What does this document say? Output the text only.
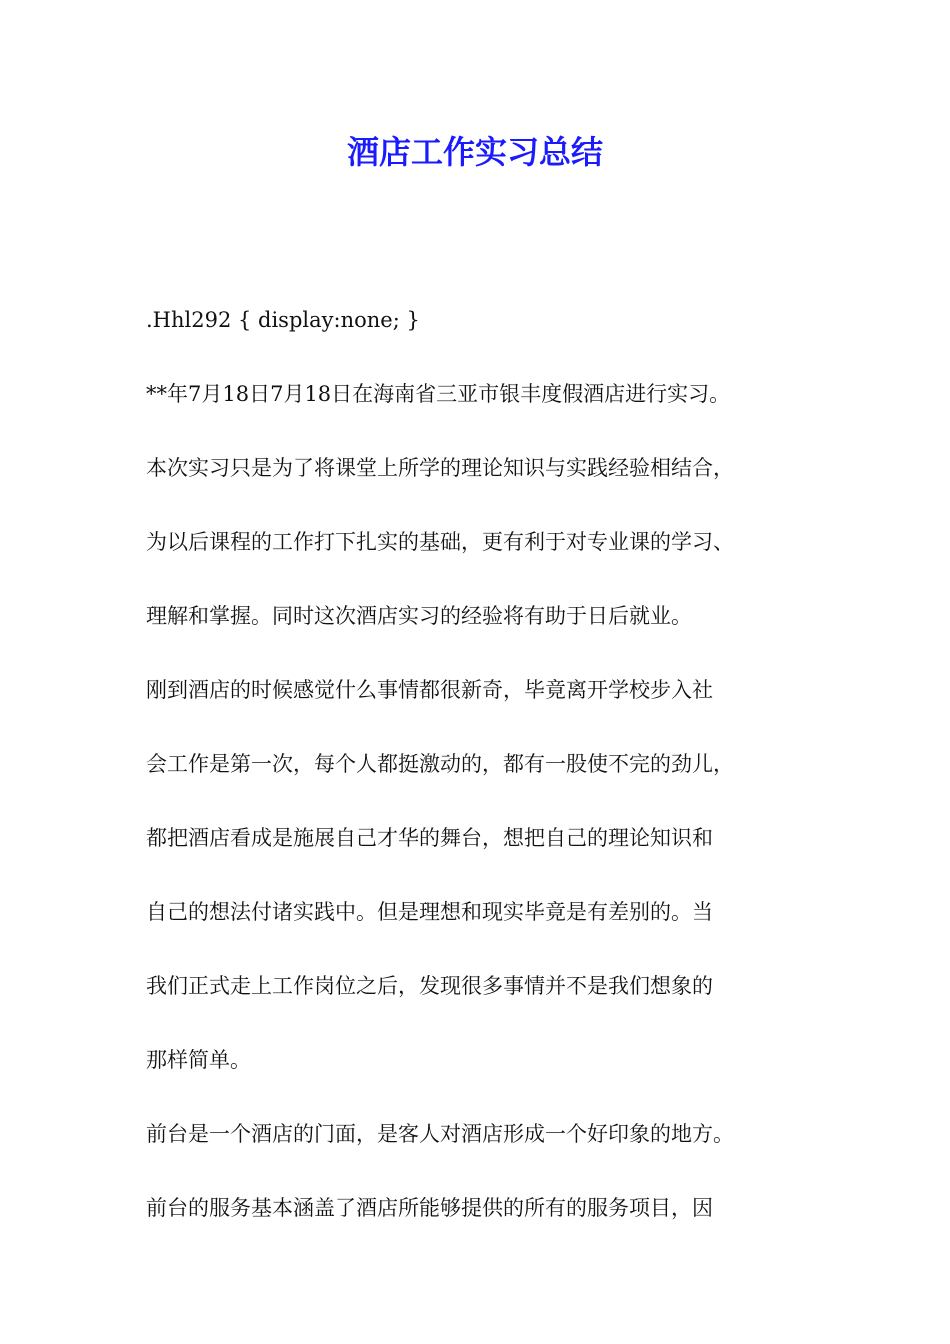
酒店工作实习总结

.Hhl292 { display:none; }

**年7月18日7月18日在海南省三亚市银丰度假酒店进行实习。

本次实习只是为了将课堂上所学的理论知识与实践经验相结合，

为以后课程的工作打下扎实的基础，更有利于对专业课的学习、

理解和掌握。同时这次酒店实习的经验将有助于日后就业。

刚到酒店的时候感觉什么事情都很新奇，毕竟离开学校步入社

会工作是第一次，每个人都挺激动的，都有一股使不完的劲儿，

都把酒店看成是施展自己才华的舞台，想把自己的理论知识和

自己的想法付诸实践中。但是理想和现实毕竟是有差别的。当

我们正式走上工作岗位之后，发现很多事情并不是我们想象的

那样简单。

前台是一个酒店的门面，是客人对酒店形成一个好印象的地方。

前台的服务基本涵盖了酒店所能够提供的所有的服务项目，因
